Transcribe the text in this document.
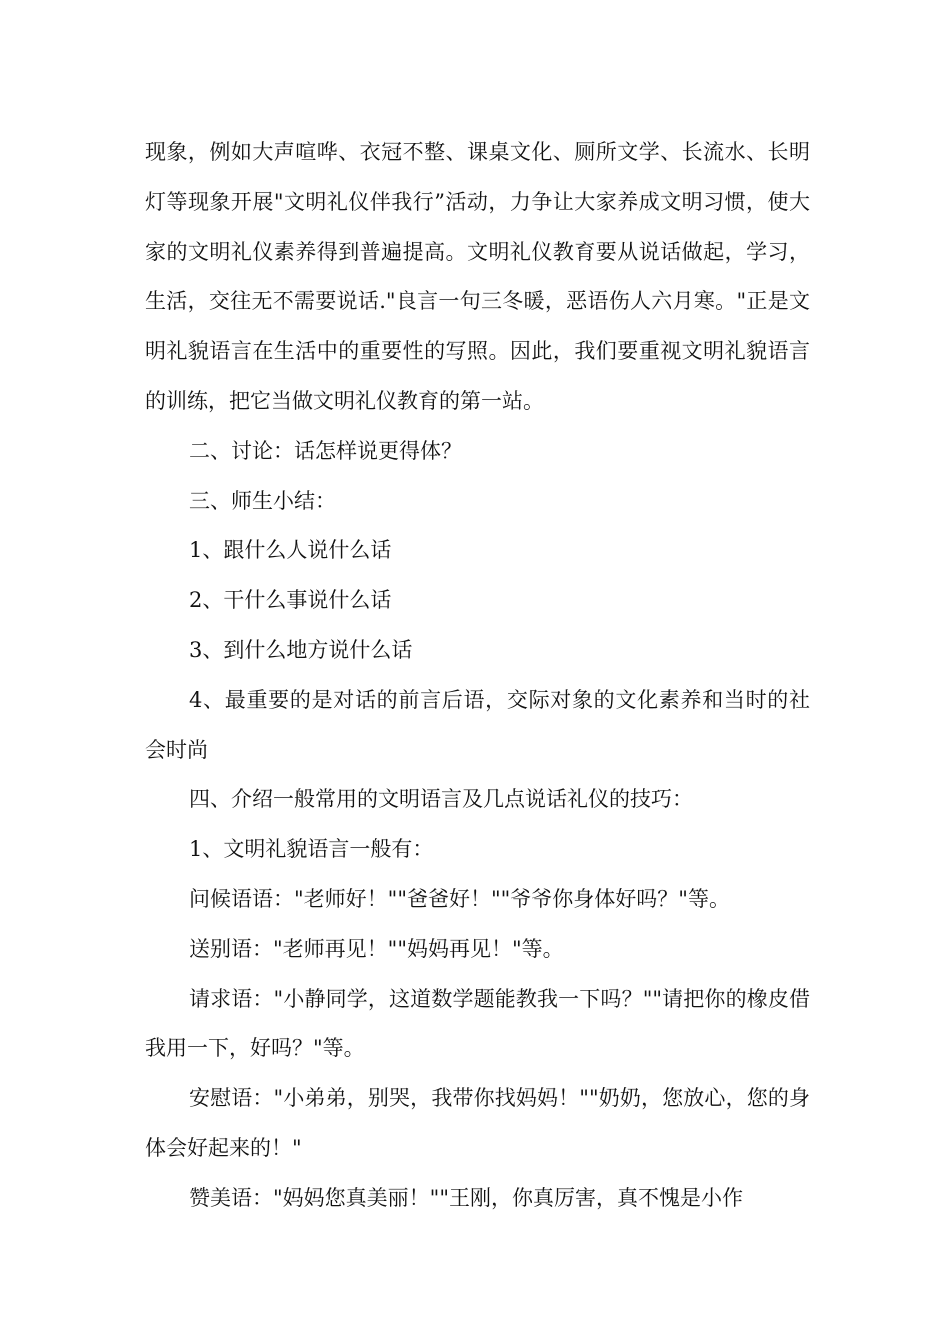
现象，例如大声喧哗、衣冠不整、课桌文化、厕所文学、长流水、长明灯等现象开展"文明礼仪伴我行”活动，力争让大家养成文明习惯，使大家的文明礼仪素养得到普遍提高。文明礼仪教育要从说话做起，学习，生活，交往无不需要说话."良言一句三冬暖，恶语伤人六月寒。"正是文明礼貌语言在生活中的重要性的写照。因此，我们要重视文明礼貌语言的训练，把它当做文明礼仪教育的第一站。

二、讨论：话怎样说更得体？

三、师生小结：

1、跟什么人说什么话

2、干什么事说什么话

3、到什么地方说什么话

4、最重要的是对话的前言后语，交际对象的文化素养和当时的社会时尚

四、介绍一般常用的文明语言及几点说话礼仪的技巧：

1、文明礼貌语言一般有：

问候语语："老师好！""爸爸好！""爷爷你身体好吗？"等。

送别语："老师再见！""妈妈再见！"等。

请求语："小静同学，这道数学题能教我一下吗？""请把你的橡皮借我用一下，好吗？"等。

安慰语："小弟弟，别哭，我带你找妈妈！""奶奶，您放心，您的身体会好起来的！"

赞美语："妈妈您真美丽！""王刚，你真厉害，真不愧是小作
